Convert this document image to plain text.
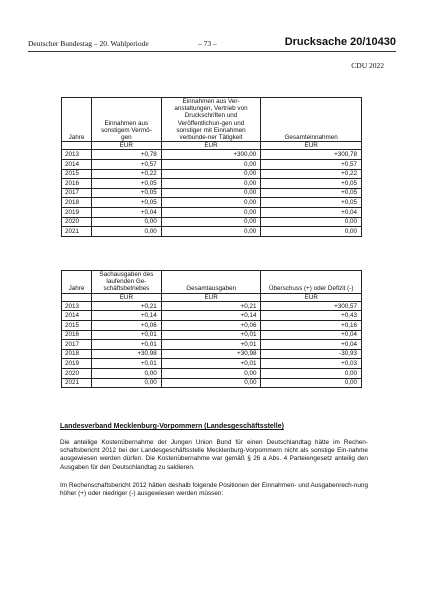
Deutscher Bundestag – 20. Wahlperiode	– 73 –	Drucksache 20/10430
CDU 2022
Jahre	Einnahmen aus sonstigem Vermö-gen	Einnahmen aus Ver-anstaltungen, Vertrieb von Druckschriften und Veröffentlichun-gen und sonstiger mit Einnahmen verbunde-ner Tätigkeit	Gesamteinnahmen
	EUR	EUR	EUR
2013	+0,78	+300,00	+300,78
2014	+0,57	0,00	+0,57
2015	+0,22	0,00	+0,22
2016	+0,05	0,00	+0,05
2017	+0,05	0,00	+0,05
2018	+0,05	0,00	+0,05
2019	+0,04	0,00	+0,04
2020	0,00	0,00	0,00
2021	0,00	0,00	0,00
Jahre	Sachausgaben des laufenden Ge-schäftsbetriebes	Gesamtausgaben	Überschuss (+) oder Defizit (-)
	EUR	EUR	EUR
2013	+0,21	+0,21	+300,57
2014	+0,14	+0,14	+0,43
2015	+0,06	+0,06	+0,16
2016	+0,01	+0,01	+0,04
2017	+0,01	+0,01	+0,04
2018	+30,98	+30,98	-30,93
2019	+0,01	+0,01	+0,03
2020	0,00	0,00	0,00
2021	0,00	0,00	0,00
Landesverband Mecklenburg-Vorpommern (Landesgeschäftsstelle)
Die anteilige Kostenübernahme der Jungen Union Bund für einen Deutschlandtag hätte im Rechen-schaftsbericht 2012 bei der Landesgeschäftsstelle Mecklenburg-Vorpommern nicht als sonstige Ein-nahme ausgewiesen werden dürfen. Die Kostenübernahme war gemäß § 26 a Abs. 4 Parteiengesetz anteilig den Ausgaben für den Deutschlandtag zu saldieren.
Im Rechenschaftsbericht 2012 hätten deshalb folgende Positionen der Einnahmen- und Ausgabenrech-nung höher (+) oder niedriger (-) ausgewiesen werden müssen:
